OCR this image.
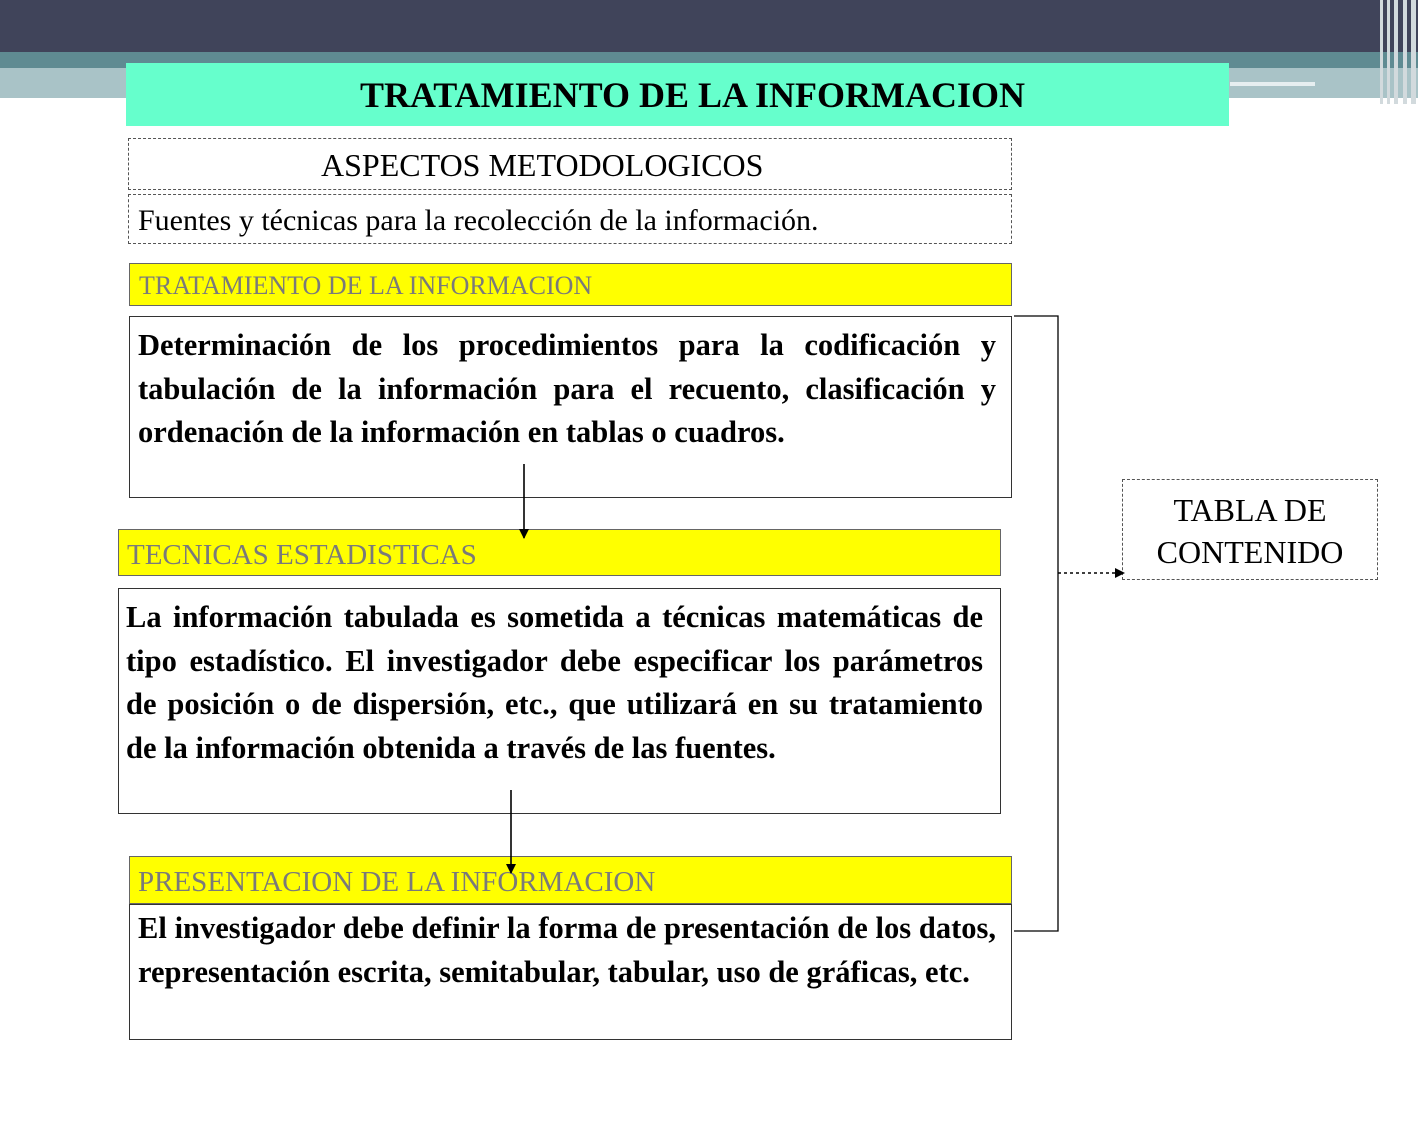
TRATAMIENTO DE LA INFORMACION
ASPECTOS METODOLOGICOS
Fuentes y técnicas para la recolección de la información.
TRATAMIENTO DE LA INFORMACION
Determinación de los procedimientos para la codificación y tabulación de la información para el recuento, clasificación y ordenación de la información en tablas o cuadros.
TECNICAS ESTADISTICAS
La información tabulada es sometida a técnicas matemáticas de tipo estadístico. El investigador debe especificar los parámetros de posición o de dispersión, etc., que utilizará en su tratamiento de la información obtenida a través de las fuentes.
PRESENTACION DE LA INFORMACION
El investigador debe definir la forma de presentación de los datos, representación escrita, semitabular, tabular, uso de gráficas, etc.
TABLA DE
CONTENIDO
